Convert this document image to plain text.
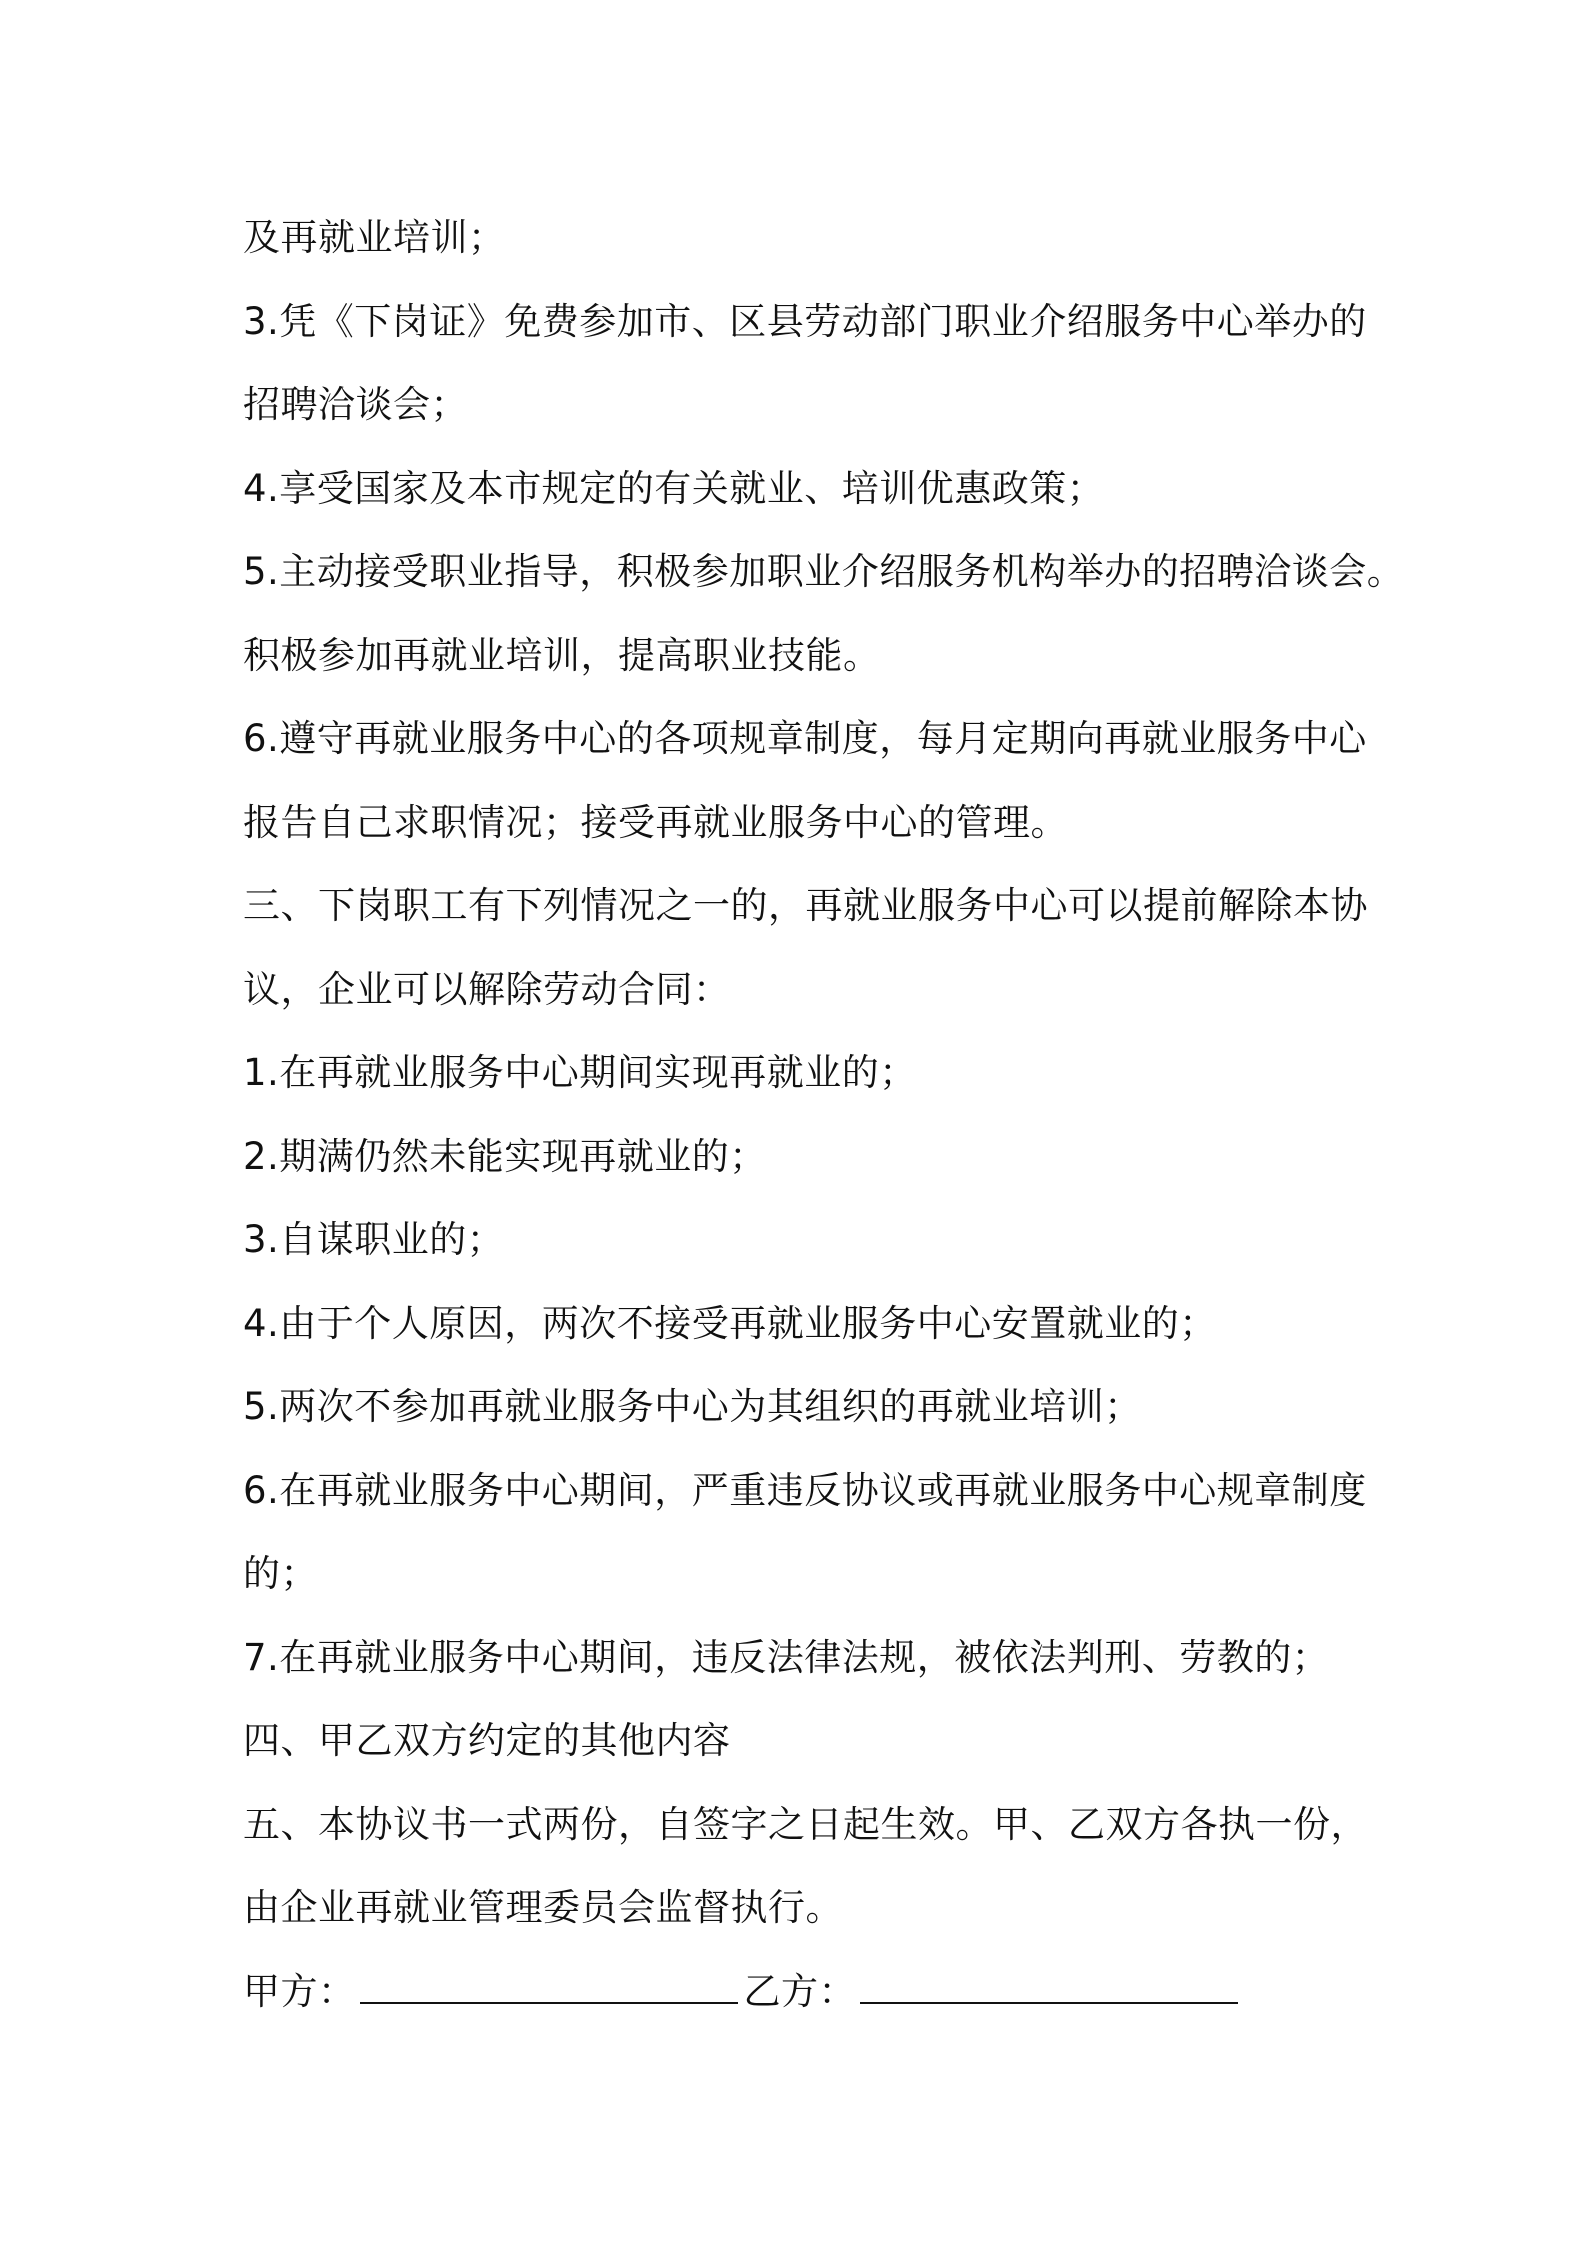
及再就业培训；
3.凭《下岗证》免费参加市、区县劳动部门职业介绍服务中心举办的
招聘洽谈会；
4.享受国家及本市规定的有关就业、培训优惠政策；
5.主动接受职业指导，积极参加职业介绍服务机构举办的招聘洽谈会。
积极参加再就业培训，提高职业技能。
6.遵守再就业服务中心的各项规章制度，每月定期向再就业服务中心
报告自己求职情况；接受再就业服务中心的管理。
三、下岗职工有下列情况之一的，再就业服务中心可以提前解除本协
议，企业可以解除劳动合同：
1.在再就业服务中心期间实现再就业的；
2.期满仍然未能实现再就业的；
3.自谋职业的；
4.由于个人原因，两次不接受再就业服务中心安置就业的；
5.两次不参加再就业服务中心为其组织的再就业培训；
6.在再就业服务中心期间，严重违反协议或再就业服务中心规章制度
的；
7.在再就业服务中心期间，违反法律法规，被依法判刑、劳教的；
四、甲乙双方约定的其他内容
五、本协议书一式两份，自签字之日起生效。甲、乙双方各执一份，
由企业再就业管理委员会监督执行。
甲方：	乙方：
